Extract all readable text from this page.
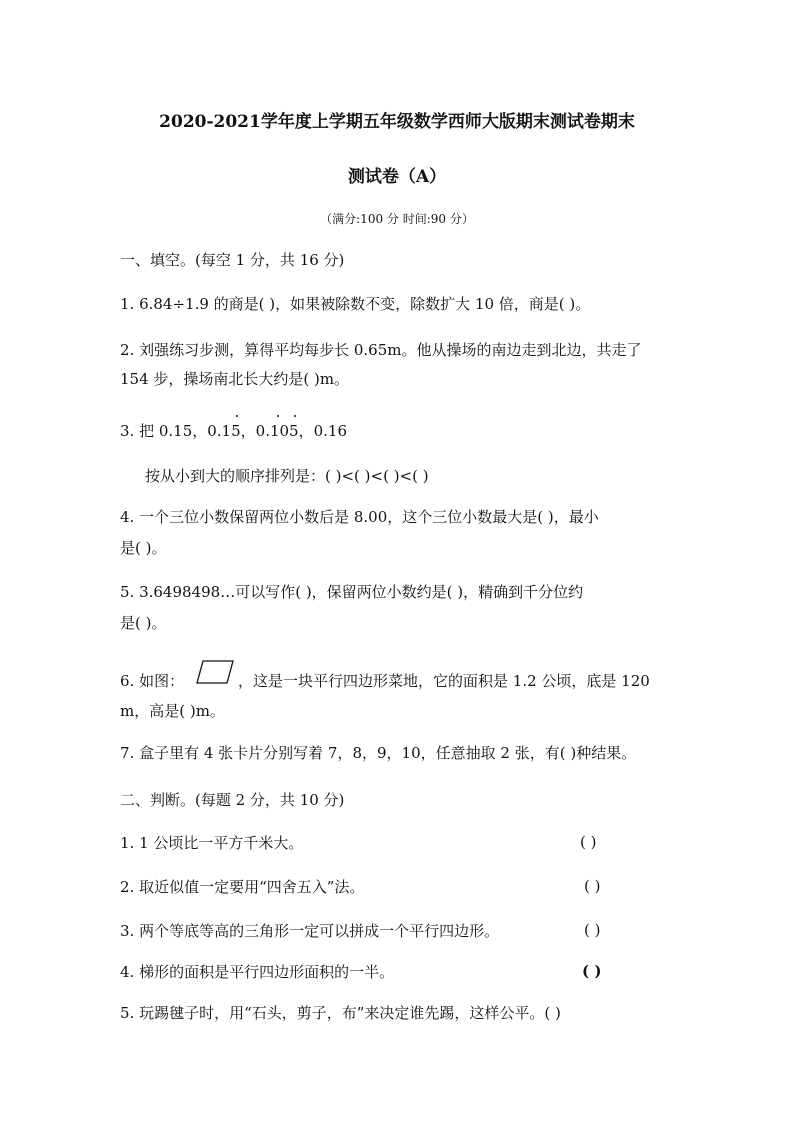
2020-2021学年度上学期五年级数学西师大版期末测试卷期末
测试卷（A）
（满分:100 分 时间:90 分）
一、填空。(每空 1 分，共 16 分)
1. 6.84÷1.9 的商是( )，如果被除数不变，除数扩大 10 倍，商是( )。
2. 刘强练习步测，算得平均每步长 0.65m。他从操场的南边走到北边，共走了
154 步，操场南北长大约是( )m。
3. 把 0.15，0.15，0.105，0.16
按从小到大的顺序排列是：( )<( )<( )<( )
4. 一个三位小数保留两位小数后是 8.00，这个三位小数最大是( )，最小
是( )。
5. 3.6498498…可以写作( )，保留两位小数约是( )，精确到千分位约
是( )。
6. 如图：	，这是一块平行四边形菜地，它的面积是 1.2 公顷，底是 120
m，高是( )m。
7. 盒子里有 4 张卡片分别写着 7，8，9，10，任意抽取 2 张，有( )种结果。
二、判断。(每题 2 分，共 10 分)
1. 1 公顷比一平方千米大。	( )
2. 取近似值一定要用“四舍五入”法。	( )
3. 两个等底等高的三角形一定可以拼成一个平行四边形。	( )
4. 梯形的面积是平行四边形面积的一半。	( )
5. 玩踢毽子时，用“石头，剪子，布”来决定谁先踢，这样公平。( )
